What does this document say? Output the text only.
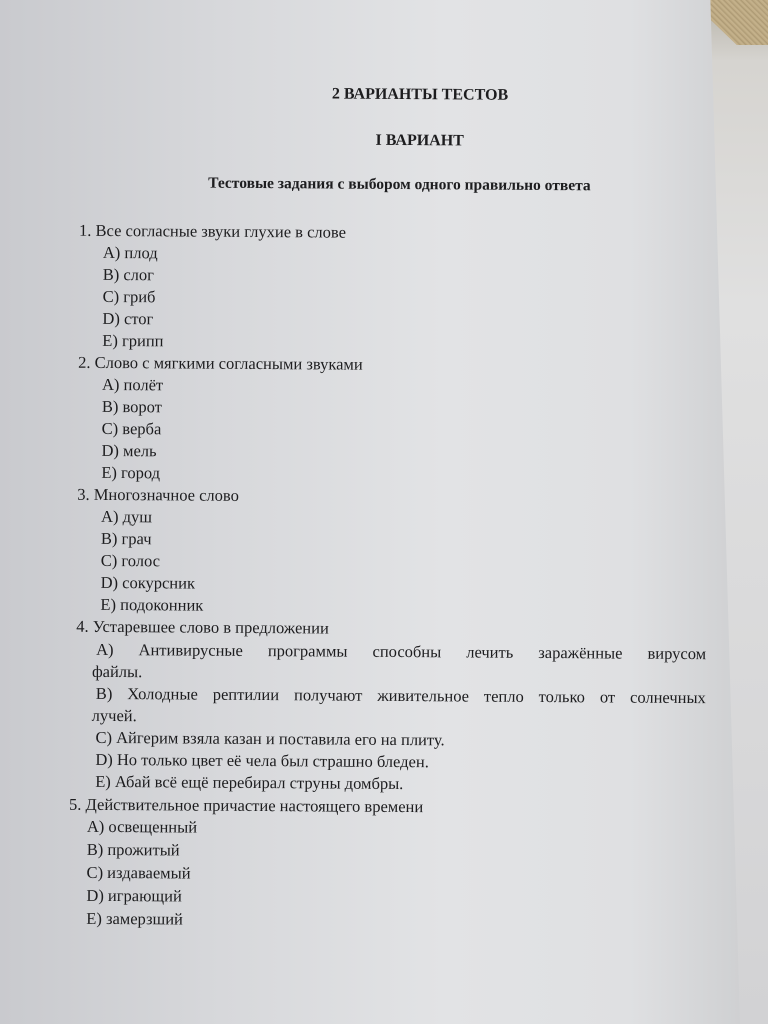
2 ВАРИАНТЫ ТЕСТОВ
I ВАРИАНТ
Тестовые задания с выбором одного правильно ответа
1. Все согласные звуки глухие в слове
A) плод
B) слог
C) гриб
D) стог
E) грипп
2. Слово с мягкими согласными звуками
A) полёт
B) ворот
C) верба
D) мель
E) город
3. Многозначное слово
A) душ
B) грач
C) голос
D) сокурсник
E) подоконник
4. Устаревшее слово в предложении
A) Антивирусные программы способны лечить заражённые вирусом
файлы.
B) Холодные рептилии получают живительное тепло только от солнечных
лучей.
C) Айгерим взяла казан и поставила его на плиту.
D) Но только цвет её чела был страшно бледен.
E) Абай всё ещё перебирал струны домбры.
5. Действительное причастие настоящего времени
A) освещенный
B) прожитый
C) издаваемый
D) играющий
E) замерзший
